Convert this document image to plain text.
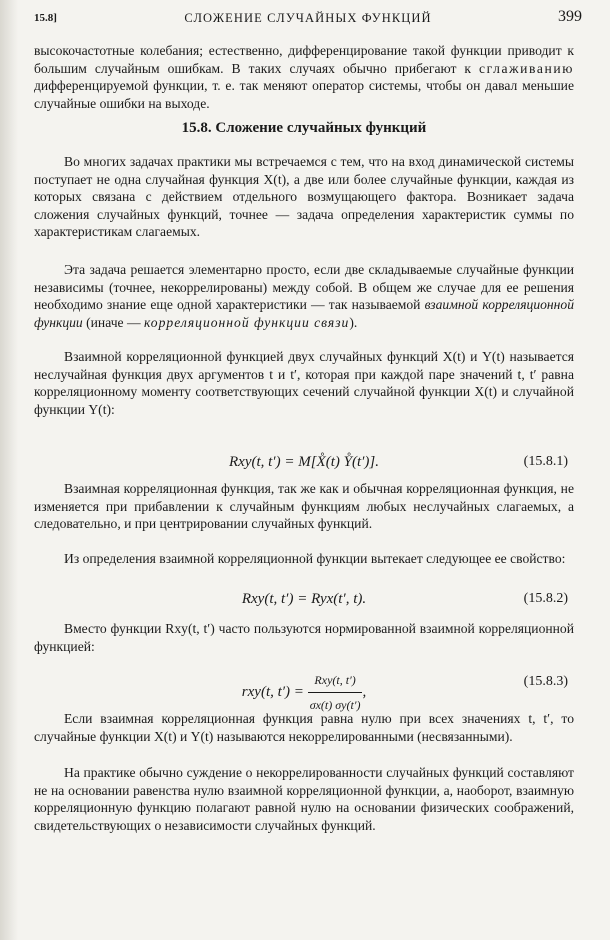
15.8]	СЛОЖЕНИЕ СЛУЧАЙНЫХ ФУНКЦИЙ	399

высокочастотные колебания; естественно, дифференцирование такой функции приводит к большим случайным ошибкам. В таких случаях обычно прибегают к сглаживанию дифференцируемой функции, т. е. так меняют оператор системы, чтобы он давал меньшие случайные ошибки на выходе.

15.8. Сложение случайных функций

Во многих задачах практики мы встречаемся с тем, что на вход динамической системы поступает не одна случайная функция X(t), а две или более случайные функции, каждая из которых связана с действием отдельного возмущающего фактора. Возникает задача сложения случайных функций, точнее — задача определения характеристик суммы по характеристикам слагаемых.

Эта задача решается элементарно просто, если две складываемые случайные функции независимы (точнее, некоррелированы) между собой. В общем же случае для ее решения необходимо знание еще одной характеристики — так называемой взаимной корреляционной функции (иначе — корреляционной функции связи).

Взаимной корреляционной функцией двух случайных функций X(t) и Y(t) называется неслучайная функция двух аргументов t и t′, которая при каждой паре значений t, t′ равна корреляционному моменту соответствующих сечений случайной функции X(t) и случайной функции Y(t):

Rxy(t, t′) = M[X̊(t) Y̊(t′)].	(15.8.1)

Взаимная корреляционная функция, так же как и обычная корреляционная функция, не изменяется при прибавлении к случайным функциям любых неслучайных слагаемых, а следовательно, и при центрировании случайных функций.

Из определения взаимной корреляционной функции вытекает следующее ее свойство:

Rxy(t, t′) = Ryx(t′, t).	(15.8.2)

Вместо функции Rxy(t, t′) часто пользуются нормированной взаимной корреляционной функцией:

rxy(t, $t') = \frac{\text{Rxy(t, t′)}}{\sigma x(t) \sigma y(t')}$ ,
(15.8.3)

Если взаимная корреляционная функция равна нулю при всех значениях t, t′, то случайные функции X(t) и Y(t) называются некоррелированными (несвязанными).

На практике обычно суждение о некоррелированности случайных функций составляют не на основании равенства нулю взаимной корреляционной функции, а, наоборот, взаимную корреляционную функцию полагают равной нулю на основании физических соображений, свидетельствующих о независимости случайных функций.
